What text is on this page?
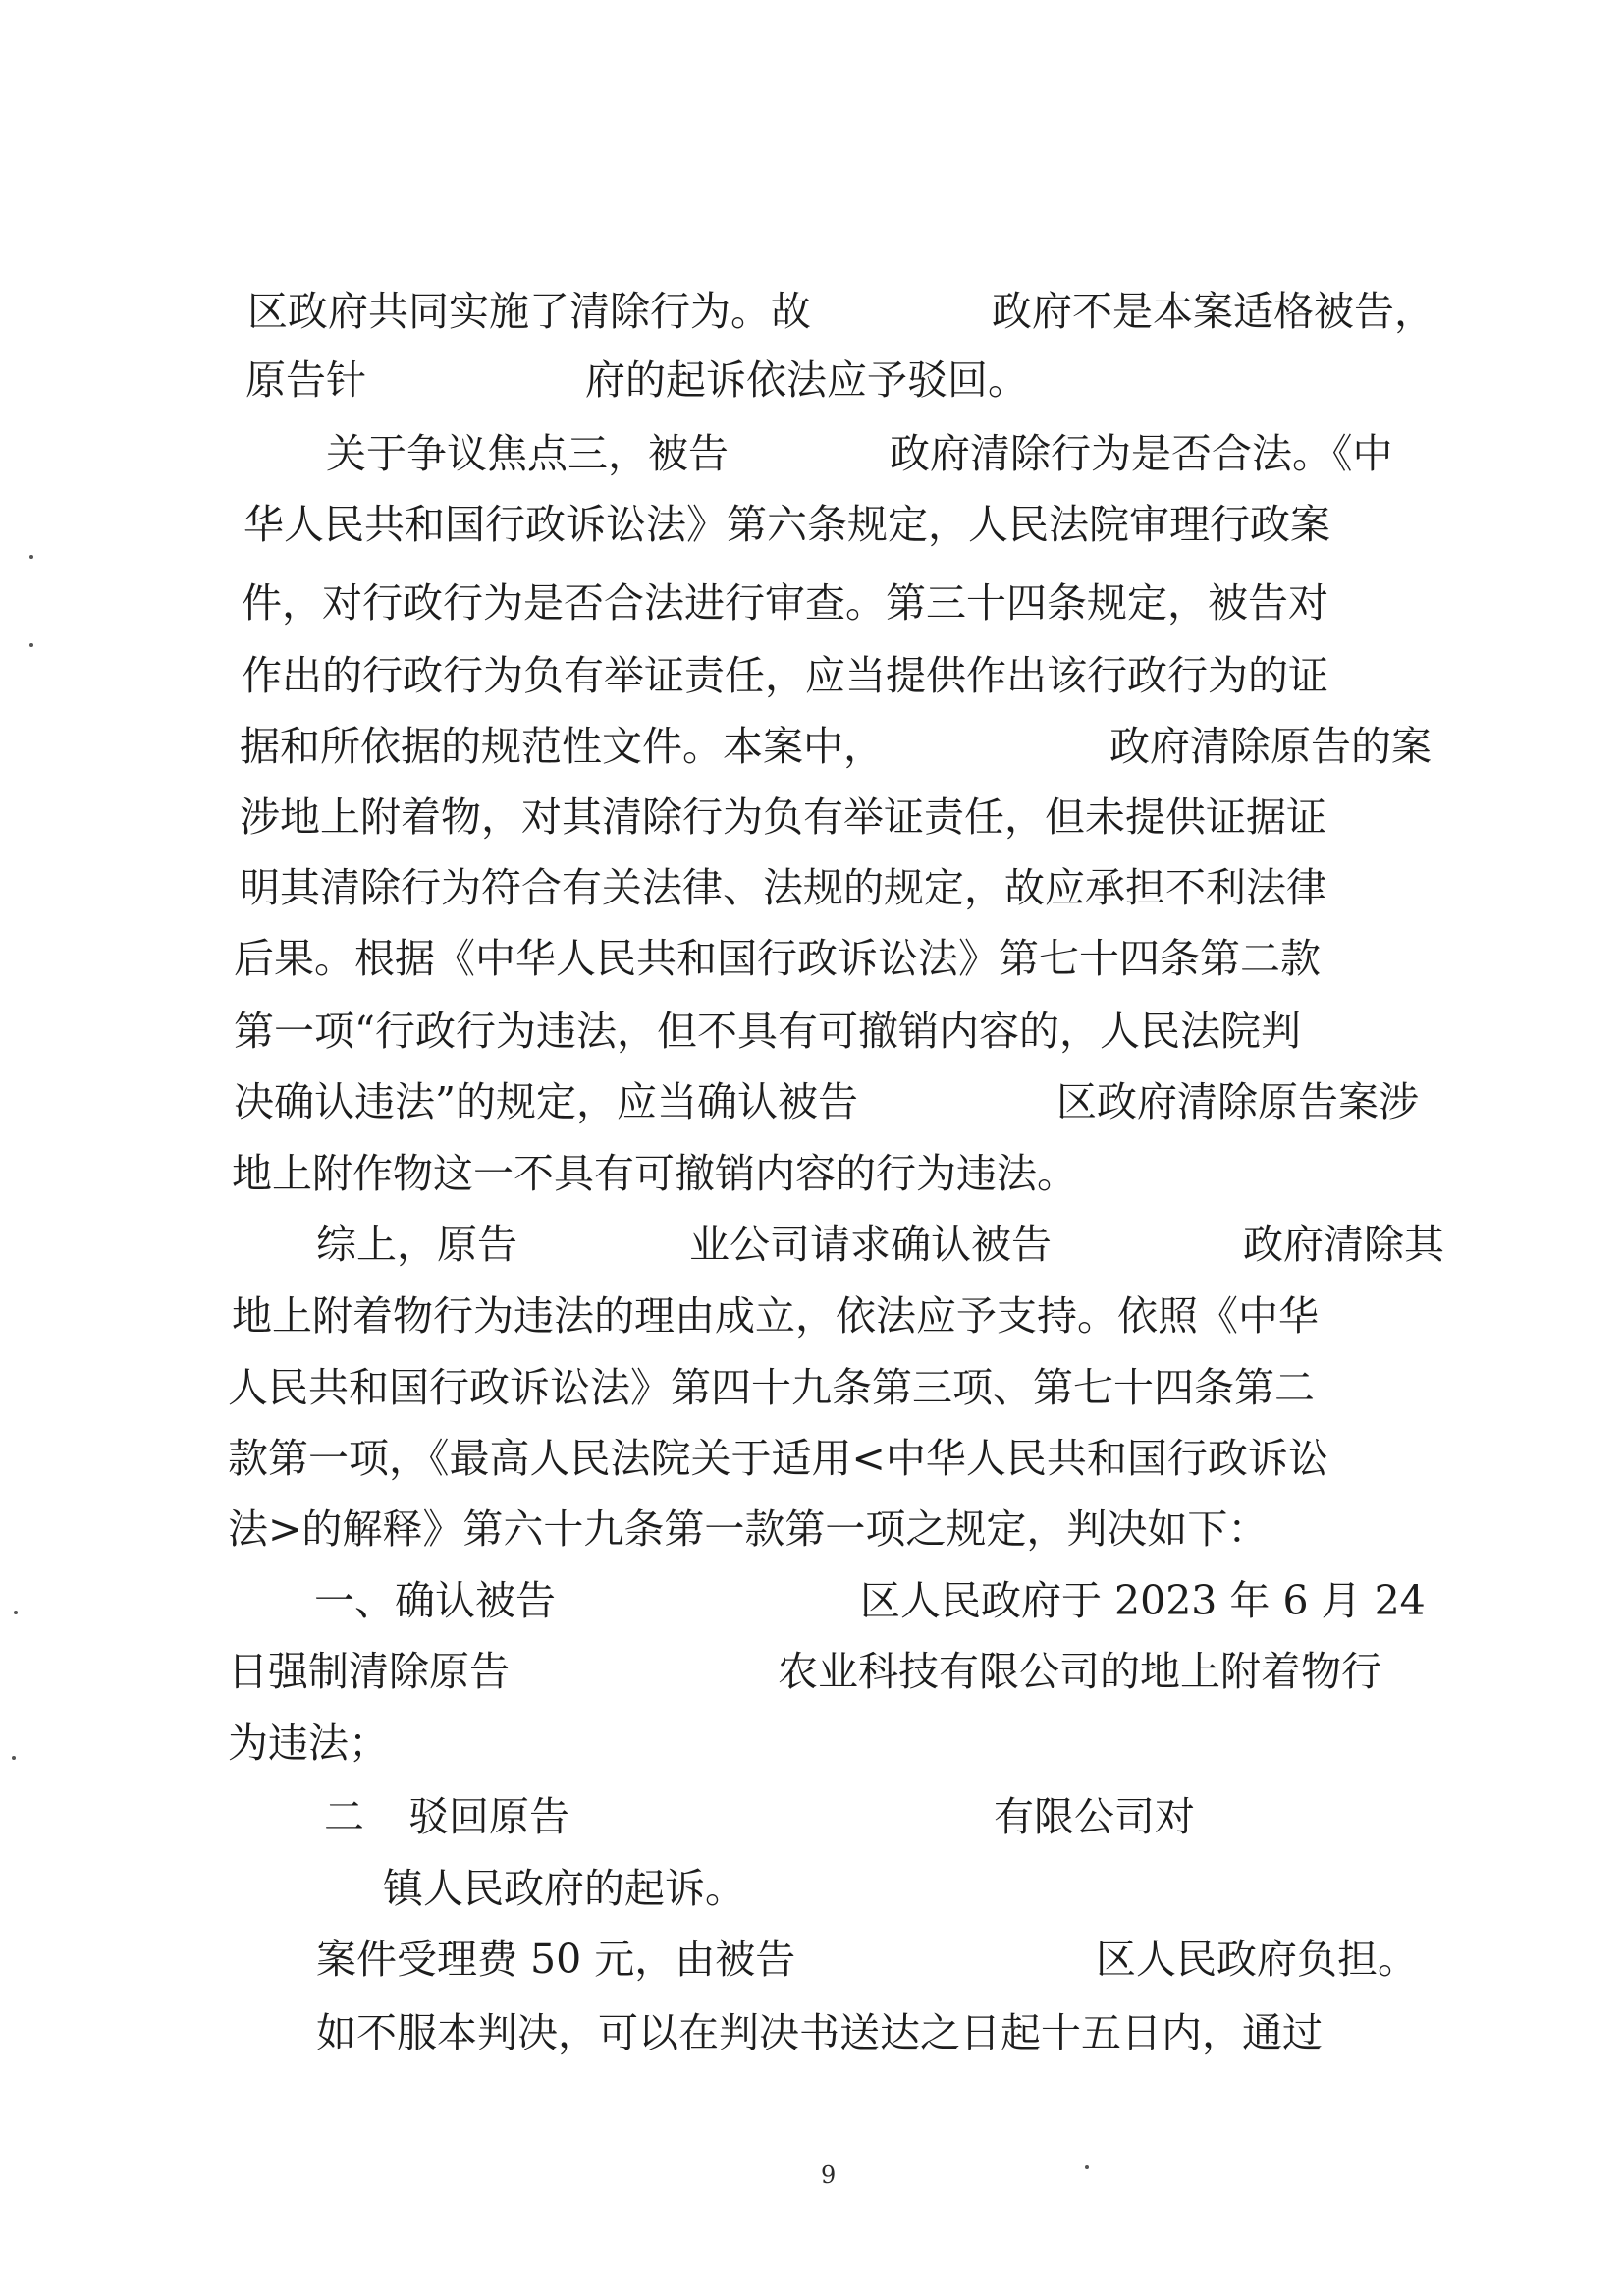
区政府共同实施了清除行为。故	政府不是本案适格被告，
原告针	府的起诉依法应予驳回。
关于争议焦点三，被告	政府清除行为是否合法。《中
华人民共和国行政诉讼法》第六条规定，人民法院审理行政案
件，对行政行为是否合法进行审查。第三十四条规定，被告对
作出的行政行为负有举证责任，应当提供作出该行政行为的证
据和所依据的规范性文件。本案中，	政府清除原告的案
涉地上附着物，对其清除行为负有举证责任，但未提供证据证
明其清除行为符合有关法律、法规的规定，故应承担不利法律
后果。根据《中华人民共和国行政诉讼法》第七十四条第二款
第一项“行政行为违法，但不具有可撤销内容的，人民法院判
决确认违法”的规定，应当确认被告	区政府清除原告案涉
地上附作物这一不具有可撤销内容的行为违法。
综上，原告	业公司请求确认被告	政府清除其
地上附着物行为违法的理由成立，依法应予支持。依照《中华
人民共和国行政诉讼法》第四十九条第三项、第七十四条第二
款第一项，《最高人民法院关于适用<中华人民共和国行政诉讼
法>的解释》第六十九条第一款第一项之规定，判决如下：
一、确认被告	区人民政府于 2023 年 6 月 24
日强制清除原告	农业科技有限公司的地上附着物行
为违法；
二 驳回原告	有限公司对
镇人民政府的起诉。
案件受理费 50 元，由被告	区人民政府负担。
如不服本判决，可以在判决书送达之日起十五日内，通过
9
